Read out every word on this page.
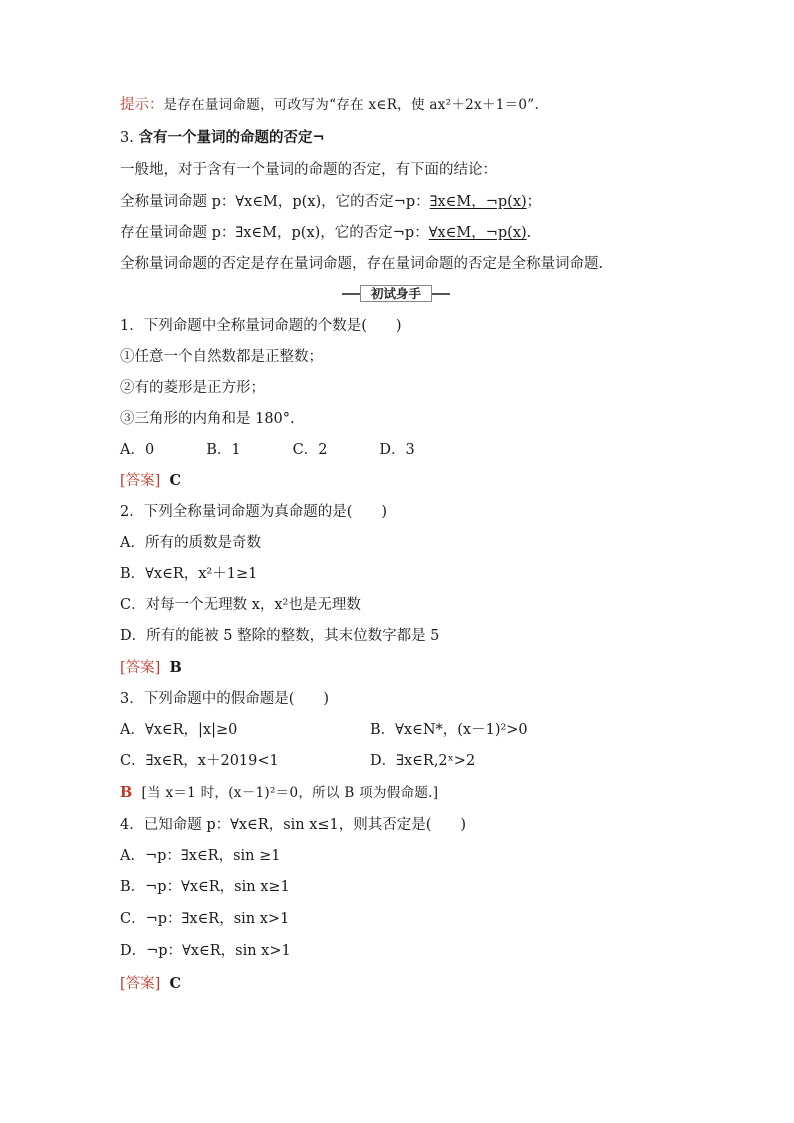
提示：是存在量词命题，可改写为“存在 x∈R，使 ax²＋2x＋1＝0”.
3. 含有一个量词的命题的否定¬
一般地，对于含有一个量词的命题的否定，有下面的结论：
全称量词命题 p：∀x∈M，p(x)，它的否定¬p：∃x∈M，¬p(x)；
存在量词命题 p：∃x∈M，p(x)，它的否定¬p：∀x∈M，¬p(x).
全称量词命题的否定是存在量词命题，存在量词命题的否定是全称量词命题.
初试身手
1．下列命题中全称量词命题的个数是(　　)
①任意一个自然数都是正整数；
②有的菱形是正方形；
③三角形的内角和是 180°.
A．0	B．1	C．2	D．3
[答案] C
2．下列全称量词命题为真命题的是(　　)
A．所有的质数是奇数
B．∀x∈R，x²＋1≥1
C．对每一个无理数 x，x²也是无理数
D．所有的能被 5 整除的整数，其末位数字都是 5
[答案] B
3．下列命题中的假命题是(　　)
A．∀x∈R，|x|≥0	B．∀x∈N*，(x－1)²>0
C．∃x∈R，x＋2019<1	D．∃x∈R,2ˣ>2
B [当 x＝1 时，(x－1)²＝0，所以 B 项为假命题.]
4．已知命题 p：∀x∈R，sin x≤1，则其否定是(　　)
A．¬p：∃x∈R，sin ≥1
B．¬p：∀x∈R，sin x≥1
C．¬p：∃x∈R，sin x>1
D．¬p：∀x∈R，sin x>1
[答案] C
